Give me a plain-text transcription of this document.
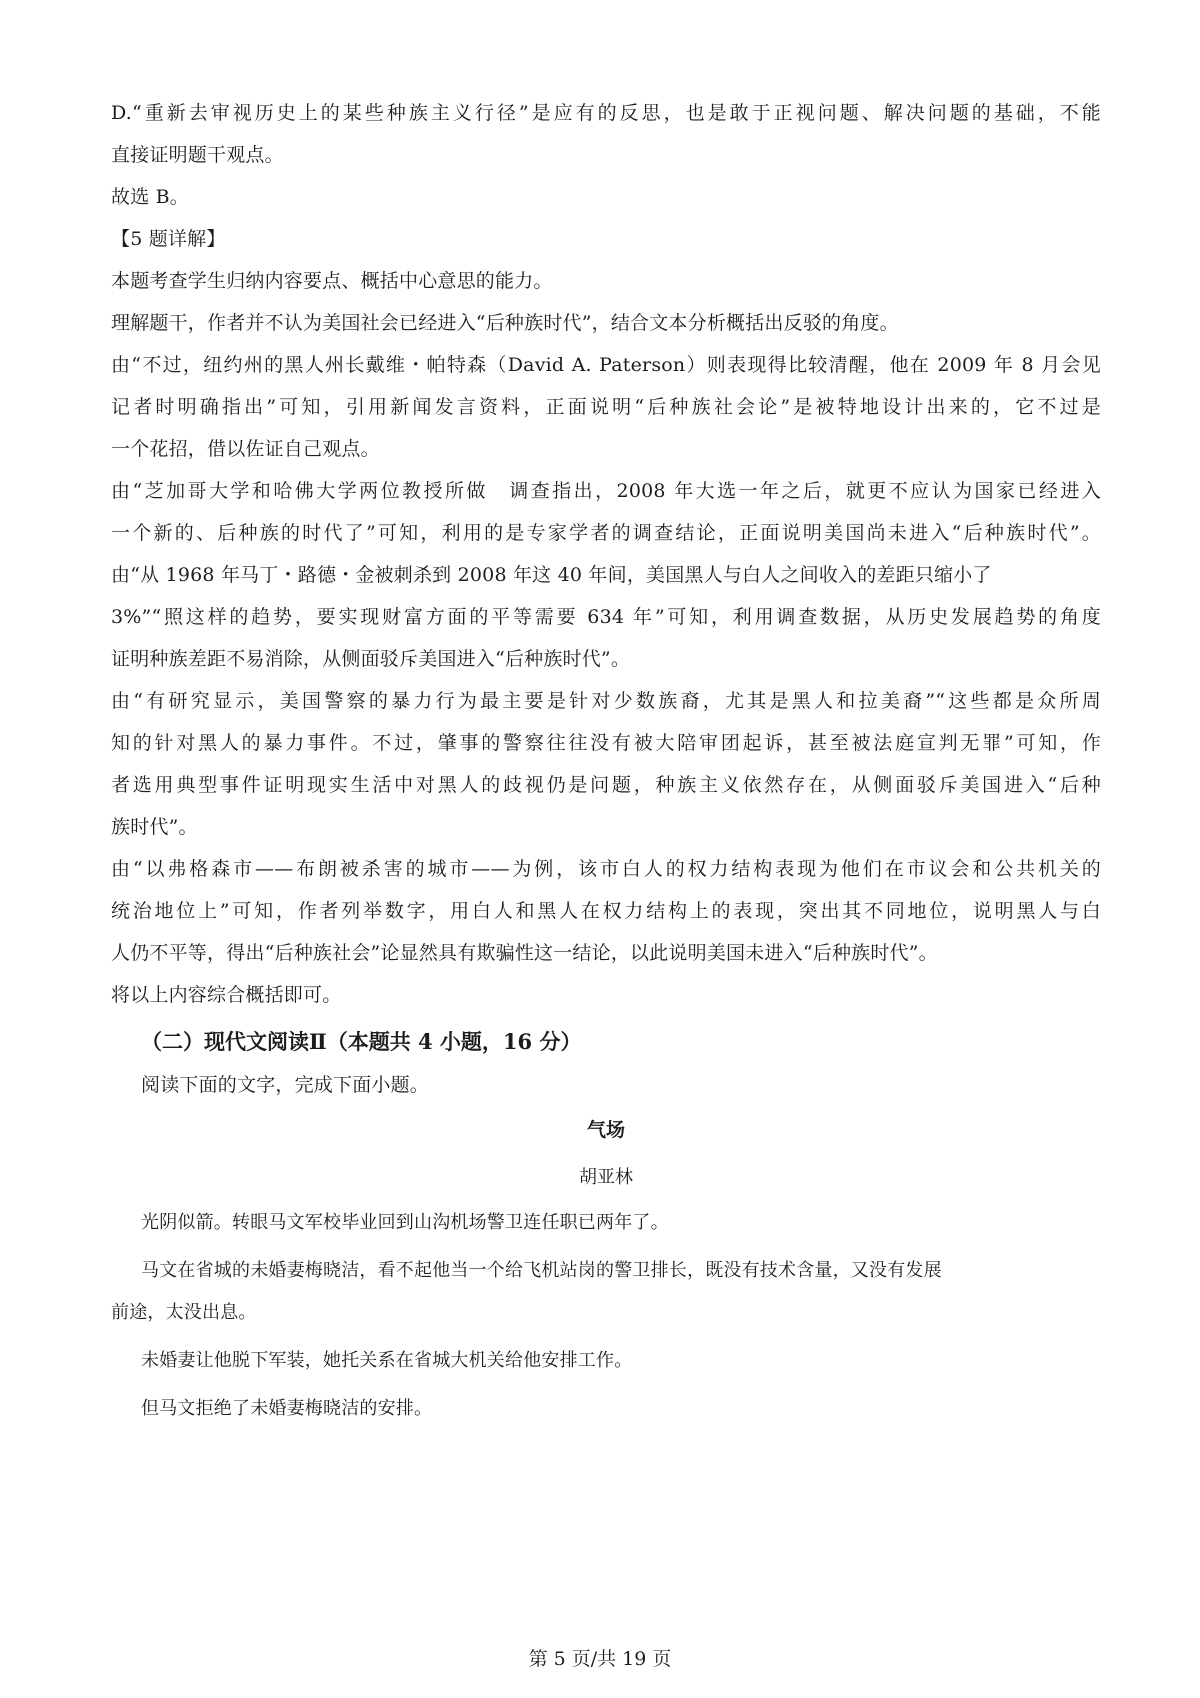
D.“重新去审视历史上的某些种族主义行径”是应有的反思，也是敢于正视问题、解决问题的基础，不能
直接证明题干观点。
故选 B。
【5 题详解】
本题考查学生归纳内容要点、概括中心意思的能力。
理解题干，作者并不认为美国社会已经进入“后种族时代”，结合文本分析概括出反驳的角度。
由“不过，纽约州的黑人州长戴维・帕特森（David A. Paterson）则表现得比较清醒，他在 2009 年 8 月会见
记者时明确指出”可知，引用新闻发言资料，正面说明“后种族社会论”是被特地设计出来的，它不过是
一个花招，借以佐证自己观点。
由“芝加哥大学和哈佛大学两位教授所做　调查指出，2008 年大选一年之后，就更不应认为国家已经进入
一个新的、后种族的时代了”可知，利用的是专家学者的调查结论，正面说明美国尚未进入“后种族时代”。
由“从 1968 年马丁・路德・金被刺杀到 2008 年这 40 年间，美国黑人与白人之间收入的差距只缩小了
3%”“照这样的趋势，要实现财富方面的平等需要 634 年”可知，利用调查数据，从历史发展趋势的角度
证明种族差距不易消除，从侧面驳斥美国进入“后种族时代”。
由“有研究显示，美国警察的暴力行为最主要是针对少数族裔，尤其是黑人和拉美裔”“这些都是众所周
知的针对黑人的暴力事件。不过，肇事的警察往往没有被大陪审团起诉，甚至被法庭宣判无罪”可知，作
者选用典型事件证明现实生活中对黑人的歧视仍是问题，种族主义依然存在，从侧面驳斥美国进入“后种
族时代”。
由“以弗格森市——布朗被杀害的城市——为例，该市白人的权力结构表现为他们在市议会和公共机关的
统治地位上”可知，作者列举数字，用白人和黑人在权力结构上的表现，突出其不同地位，说明黑人与白
人仍不平等，得出“后种族社会”论显然具有欺骗性这一结论，以此说明美国未进入“后种族时代”。
将以上内容综合概括即可。
（二）现代文阅读Ⅱ（本题共 4 小题，16 分）
阅读下面的文字，完成下面小题。
气场
胡亚林
光阴似箭。转眼马文军校毕业回到山沟机场警卫连任职已两年了。
马文在省城的未婚妻梅晓洁，看不起他当一个给飞机站岗的警卫排长，既没有技术含量，又没有发展
前途，太没出息。
未婚妻让他脱下军装，她托关系在省城大机关给他安排工作。
但马文拒绝了未婚妻梅晓洁的安排。
第 5 页/共 19 页
